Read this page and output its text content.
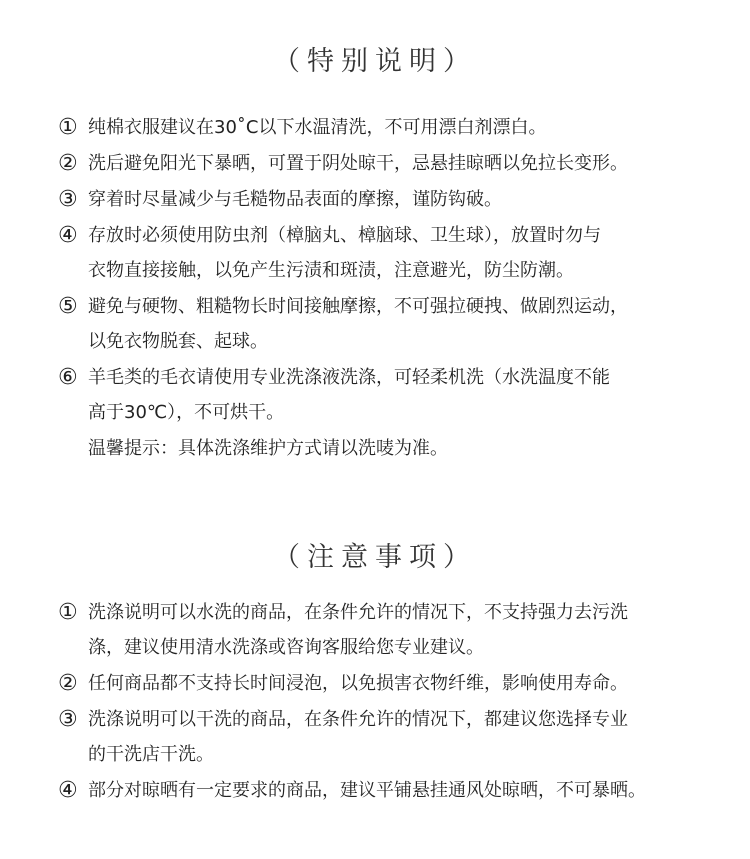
（特别说明）
① 纯棉衣服建议在30˚C以下水温清洗，不可用漂白剂漂白。
② 洗后避免阳光下暴晒，可置于阴处晾干，忌悬挂晾晒以免拉长变形。
③ 穿着时尽量减少与毛糙物品表面的摩擦，谨防钩破。
④ 存放时必须使用防虫剂（樟脑丸、樟脑球、卫生球），放置时勿与
衣物直接接触，以免产生污渍和斑渍，注意避光，防尘防潮。
⑤ 避免与硬物、粗糙物长时间接触摩擦，不可强拉硬拽、做剧烈运动，
以免衣物脱套、起球。
⑥ 羊毛类的毛衣请使用专业洗涤液洗涤，可轻柔机洗（水洗温度不能
高于30℃），不可烘干。
温馨提示：具体洗涤维护方式请以洗唛为准。
（注意事项）
① 洗涤说明可以水洗的商品，在条件允许的情况下，不支持强力去污洗
涤，建议使用清水洗涤或咨询客服给您专业建议。
② 任何商品都不支持长时间浸泡，以免损害衣物纤维，影响使用寿命。
③ 洗涤说明可以干洗的商品，在条件允许的情况下，都建议您选择专业
的干洗店干洗。
④ 部分对晾晒有一定要求的商品，建议平铺悬挂通风处晾晒，不可暴晒。
